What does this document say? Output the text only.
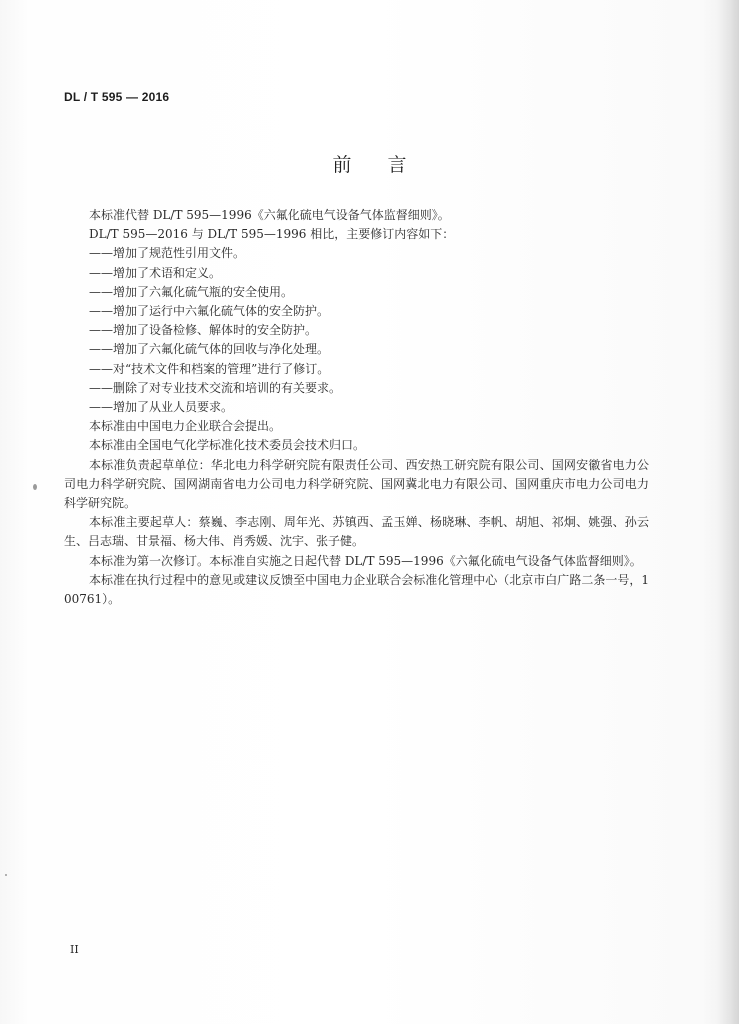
DL / T 595 — 2016
前言

本标准代替 DL/T 595—1996《六氟化硫电气设备气体监督细则》。

DL/T 595—2016 与 DL/T 595—1996 相比，主要修订内容如下：

——增加了规范性引用文件。

——增加了术语和定义。

——增加了六氟化硫气瓶的安全使用。

——增加了运行中六氟化硫气体的安全防护。

——增加了设备检修、解体时的安全防护。

——增加了六氟化硫气体的回收与净化处理。

——对“技术文件和档案的管理”进行了修订。

——删除了对专业技术交流和培训的有关要求。

——增加了从业人员要求。

本标准由中国电力企业联合会提出。

本标准由全国电气化学标准化技术委员会技术归口。

本标准负责起草单位：华北电力科学研究院有限责任公司、西安热工研究院有限公司、国网安徽省电力公司电力科学研究院、国网湖南省电力公司电力科学研究院、国网冀北电力有限公司、国网重庆市电力公司电力科学研究院。

本标准主要起草人：蔡巍、李志刚、周年光、苏镇西、孟玉婵、杨晓琳、李帆、胡旭、祁炯、姚强、孙云生、吕志瑞、甘景福、杨大伟、肖秀媛、沈宇、张子健。

本标准为第一次修订。本标准自实施之日起代替 DL/T 595—1996《六氟化硫电气设备气体监督细则》。

本标准在执行过程中的意见或建议反馈至中国电力企业联合会标准化管理中心（北京市白广路二条一号，100761）。

II
